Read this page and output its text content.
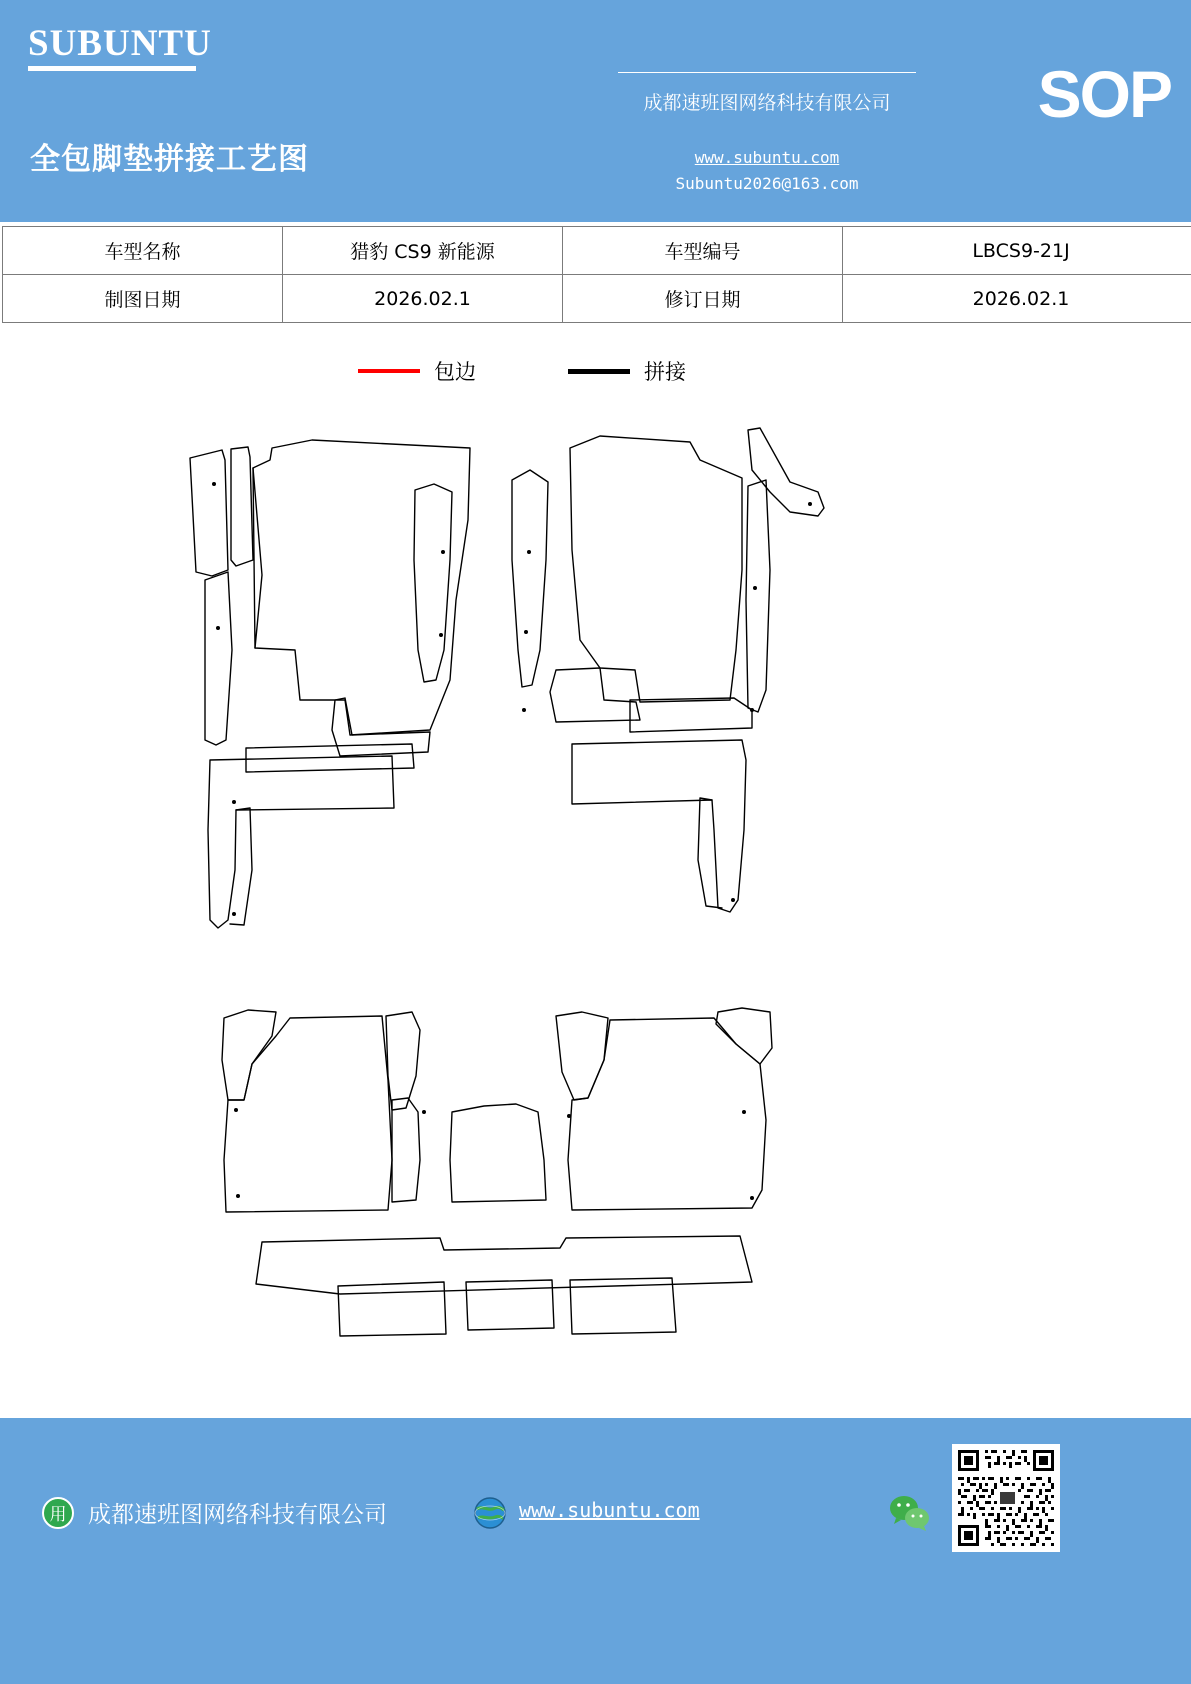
SUBUNTU
成都速班图网络科技有限公司
www.subuntu.com
Subuntu2026@163.com
SOP
全包脚垫拼接工艺图
车型名称	猎豹 CS9 新能源	车型编号	LBCS9-21J
制图日期	2026.02.1	修订日期	2026.02.1
包边	拼接
用 成都速班图网络科技有限公司	www.subuntu.com
